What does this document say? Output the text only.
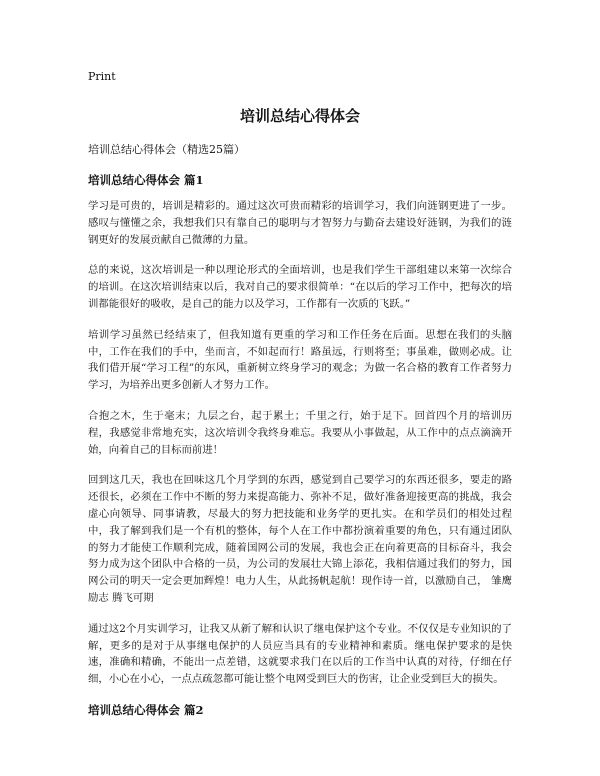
Print
培训总结心得体会
培训总结心得体会（精选25篇）
培训总结心得体会 篇1

学习是可贵的，培训是精彩的。通过这次可贵而精彩的培训学习，我们向涟钢更进了一步。感叹与懂懂之余，我想我们只有靠自己的聪明与才智努力与勤奋去建设好涟钢，为我们的涟钢更好的发展贡献自己微薄的力量。

总的来说，这次培训是一种以理论形式的全面培训，也是我们学生干部组建以来第一次综合的培训。在这次培训结束以后，我对自己的要求很简单：“在以后的学习工作中，把每次的培训都能很好的吸收，是自己的能力以及学习，工作都有一次质的飞跃。”

培训学习虽然已经结束了，但我知道有更重的学习和工作任务在后面。思想在我们的头脑中，工作在我们的手中，坐而言，不如起而行！路虽远，行则将至；事虽难，做则必成。让我们借开展“学习工程”的东风，重新树立终身学习的观念；为做一名合格的教育工作者努力学习，为培养出更多创新人才努力工作。

合抱之木，生于毫末；九层之台，起于累土；千里之行，始于足下。回首四个月的培训历程，我感觉非常地充实，这次培训令我终身难忘。我要从小事做起，从工作中的点点滴滴开始，向着自己的目标而前进！

回到这几天，我也在回味这几个月学到的东西，感觉到自己要学习的东西还很多，要走的路还很长，必须在工作中不断的努力来提高能力、弥补不足，做好准备迎接更高的挑战，我会虚心向领导、同事请教，尽最大的努力把技能和业务学的更扎实。在和学员们的相处过程中，我了解到我们是一个有机的整体，每个人在工作中都扮演着重要的角色，只有通过团队的努力才能使工作顺利完成，随着国网公司的发展，我也会正在向着更高的目标奋斗，我会努力成为这个团队中合格的一员，为公司的发展壮大锦上添花，我相信通过我们的努力，国网公司的明天一定会更加辉煌！电力人生，从此扬帆起航！现作诗一首，以激励自己， 雏鹰励志 腾飞可期

通过这2个月实训学习，让我又从新了解和认识了继电保护这个专业。不仅仅是专业知识的了解，更多的是对于从事继电保护的人员应当具有的专业精神和素质。继电保护要求的是快速，准确和精确，不能出一点差错，这就要求我门在以后的工作当中认真的对待，仔细在仔细，小心在小心，一点点疏忽都可能让整个电网受到巨大的伤害，让企业受到巨大的损失。

培训总结心得体会 篇2
